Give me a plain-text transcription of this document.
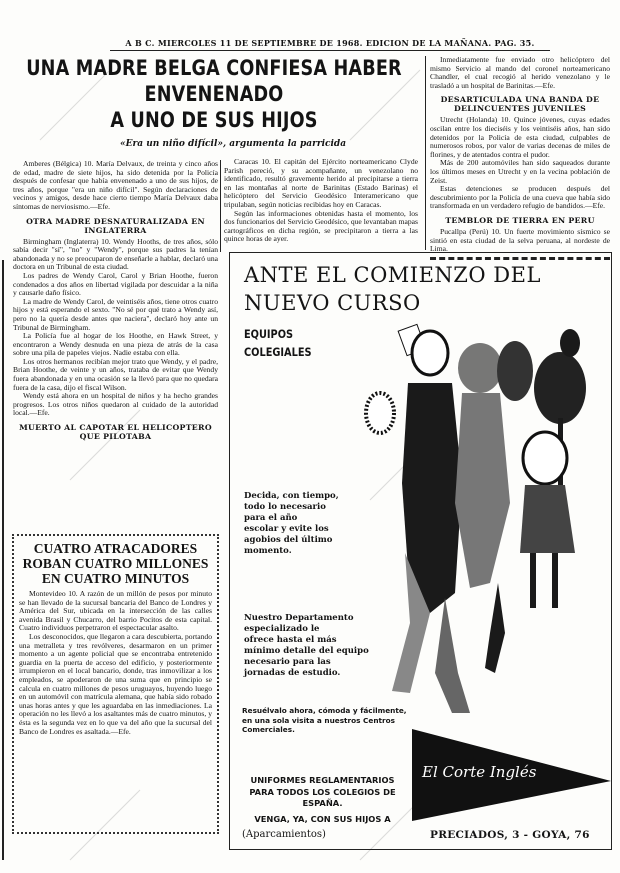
A B C. MIERCOLES 11 DE SEPTIEMBRE DE 1968. EDICION DE LA MAÑANA. PAG. 35.
UNA MADRE BELGA CONFIESA HABER ENVENENADO
A UNO DE SUS HIJOS
«Era un niño difícil», argumenta la parricida

Amberes (Bélgica) 10. María Delvaux, de treinta y cinco años de edad, madre de siete hijos, ha sido detenida por la Policía después de confesar que había envenenado a uno de sus hijos, de tres años, porque "era un niño difícil". Según declaraciones de vecinos y amigos, desde hace cierto tiempo María Delvaux daba síntomas de nerviosismo.—Efe.

OTRA MADRE DESNATURALIZADA EN INGLATERRA

Birmingham (Inglaterra) 10. Wendy Hooths, de tres años, sólo sabía decir "sí", "no" y "Wendy", porque sus padres la tenían abandonada y no se preocuparon de enseñarle a hablar, declaró una doctora en un Tribunal de esta ciudad.

Los padres de Wendy Carol, Carol y Brian Hoothe, fueron condenados a dos años en libertad vigilada por descuidar a la niña y causarle daño físico.

La madre de Wendy Carol, de veintiséis años, tiene otros cuatro hijos y está esperando el sexto. "No sé por qué trato a Wendy así, pero no la quería desde antes que naciera", declaró hoy ante un Tribunal de Birmingham.

La Policía fue al hogar de los Hoothe, en Hawk Street, y encontraron a Wendy desnuda en una pieza de atrás de la casa sobre una pila de papeles viejos. Nadie estaba con ella.

Los otros hermanos recibían mejor trato que Wendy, y el padre, Brian Hoothe, de veinte y un años, trataba de evitar que Wendy fuera abandonada y en una ocasión se la llevó para que no quedara fuera de la casa, dijo el fiscal Wilson.

Wendy está ahora en un hospital de niños y ha hecho grandes progresos. Los otros niños quedaron al cuidado de la autoridad local.—Efe.

MUERTO AL CAPOTAR EL HELICOPTERO QUE PILOTABA

Caracas 10. El capitán del Ejército norteamericano Clyde Parish pereció, y su acompañante, un venezolano no identificado, resultó gravemente herido al precipitarse a tierra en las montañas al norte de Barinitas (Estado Barinas) el helicóptero del Servicio Geodésico Interamericano que tripulaban, según noticias recibidas hoy en Caracas.

Según las informaciones obtenidas hasta el momento, los dos funcionarios del Servicio Geodésico, que levantaban mapas cartográficos en dicha región, se precipitaron a tierra a las quince horas de ayer.

Inmediatamente fue enviado otro helicóptero del mismo Servicio al mando del coronel norteamericano Chandler, el cual recogió al herido venezolano y le trasladó a un hospital de Barinitas.—Efe.

DESARTICULADA UNA BANDA DE DELINCUENTES JUVENILES

Utrecht (Holanda) 10. Quince jóvenes, cuyas edades oscilan entre los dieciséis y los veintiséis años, han sido detenidos por la Policía de esta ciudad, culpables de numerosos robos, por valor de varias decenas de miles de florines, y de atentados contra el pudor.

Más de 200 automóviles han sido saqueados durante los últimos meses en Utrecht y en la vecina población de Zeist.

Estas detenciones se producen después del descubrimiento por la Policía de una cueva que había sido transformada en un verdadero refugio de bandidos.—Efe.

TEMBLOR DE TIERRA EN PERU

Pucallpa (Perú) 10. Un fuerte movimiento sísmico se sintió en esta ciudad de la selva peruana, al nordeste de Lima.

CUATRO ATRACADORES ROBAN CUATRO MILLONES EN CUATRO MINUTOS

Montevideo 10. A razón de un millón de pesos por minuto se han llevado de la sucursal bancaria del Banco de Londres y América del Sur, ubicada en la intersección de las calles avenida Brasil y Chucarro, del barrio Pocitos de esta capital. Cuatro individuos perpetraron el espectacular asalto.

Los desconocidos, que llegaron a cara descubierta, portando una metralleta y tres revólveres, desarmaron en un primer momento a un agente policial que se encontraba entretenido guardia en la puerta de acceso del edificio, y posteriormente irrumpieron en el local bancario, donde, tras inmovilizar a los empleados, se apoderaron de una suma que en principio se calcula en cuatro millones de pesos uruguayos, huyendo luego en un automóvil con matrícula alemana, que había sido robado unas horas antes y que les aguardaba en las inmediaciones. La operación no les llevó a los asaltantes más de cuatro minutos, y ésta es la segunda vez en lo que va del año que la sucursal del Banco de Londres es asaltada.—Efe.

ANTE EL COMIENZO DEL
NUEVO CURSO
EQUIPOS
COLEGIALES
Decida, con tiempo,
todo lo necesario
para el año
escolar y evite los
agobios del último
momento.
Nuestro Departamento
especializado le
ofrece hasta el más
mínimo detalle del equipo
necesario para las
jornadas de estudio.
Resuélvalo ahora, cómoda y fácilmente, en una sola visita a nuestros Centros Comerciales.
UNIFORMES REGLAMENTARIOS
PARA TODOS LOS COLEGIOS DE
ESPAÑA.
VENGA, YA, CON SUS HIJOS A
El Corte Inglés
(Aparcamientos)	PRECIADOS, 3 - GOYA, 76
